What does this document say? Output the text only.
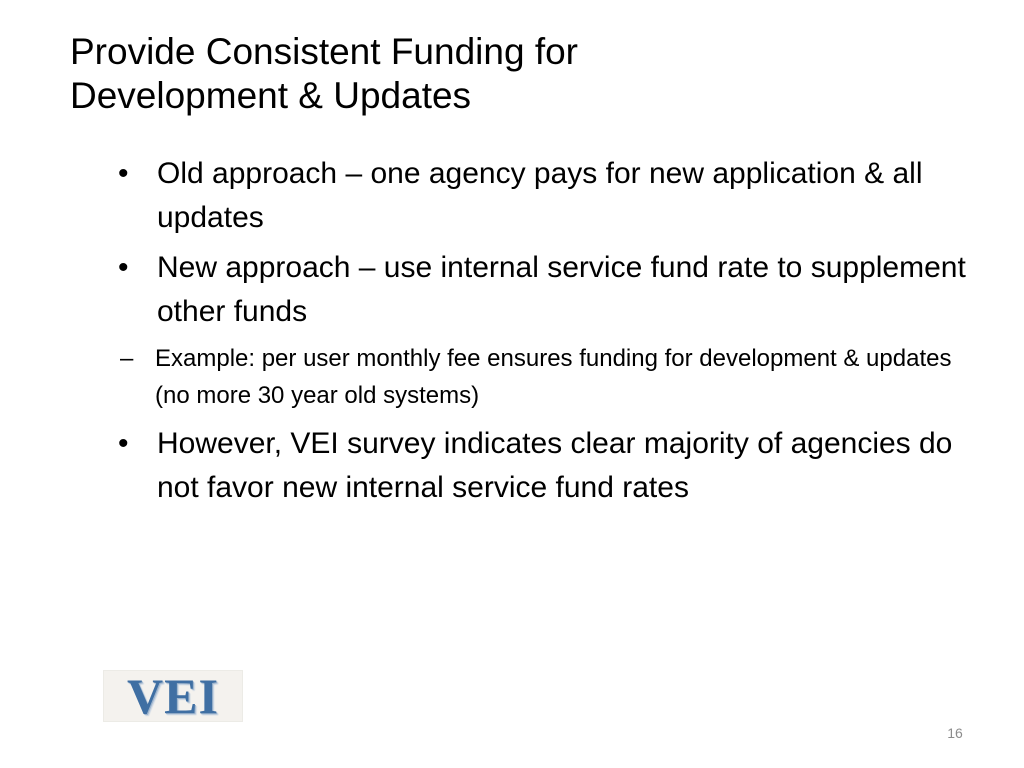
Provide Consistent Funding for
Development & Updates
• Old approach – one agency pays for new application & all updates
• New approach – use internal service fund rate to supplement other funds
– Example: per user monthly fee ensures funding for development & updates (no more 30 year old systems)
• However, VEI survey indicates clear majority of agencies do not favor new internal service fund rates
VEI
16
